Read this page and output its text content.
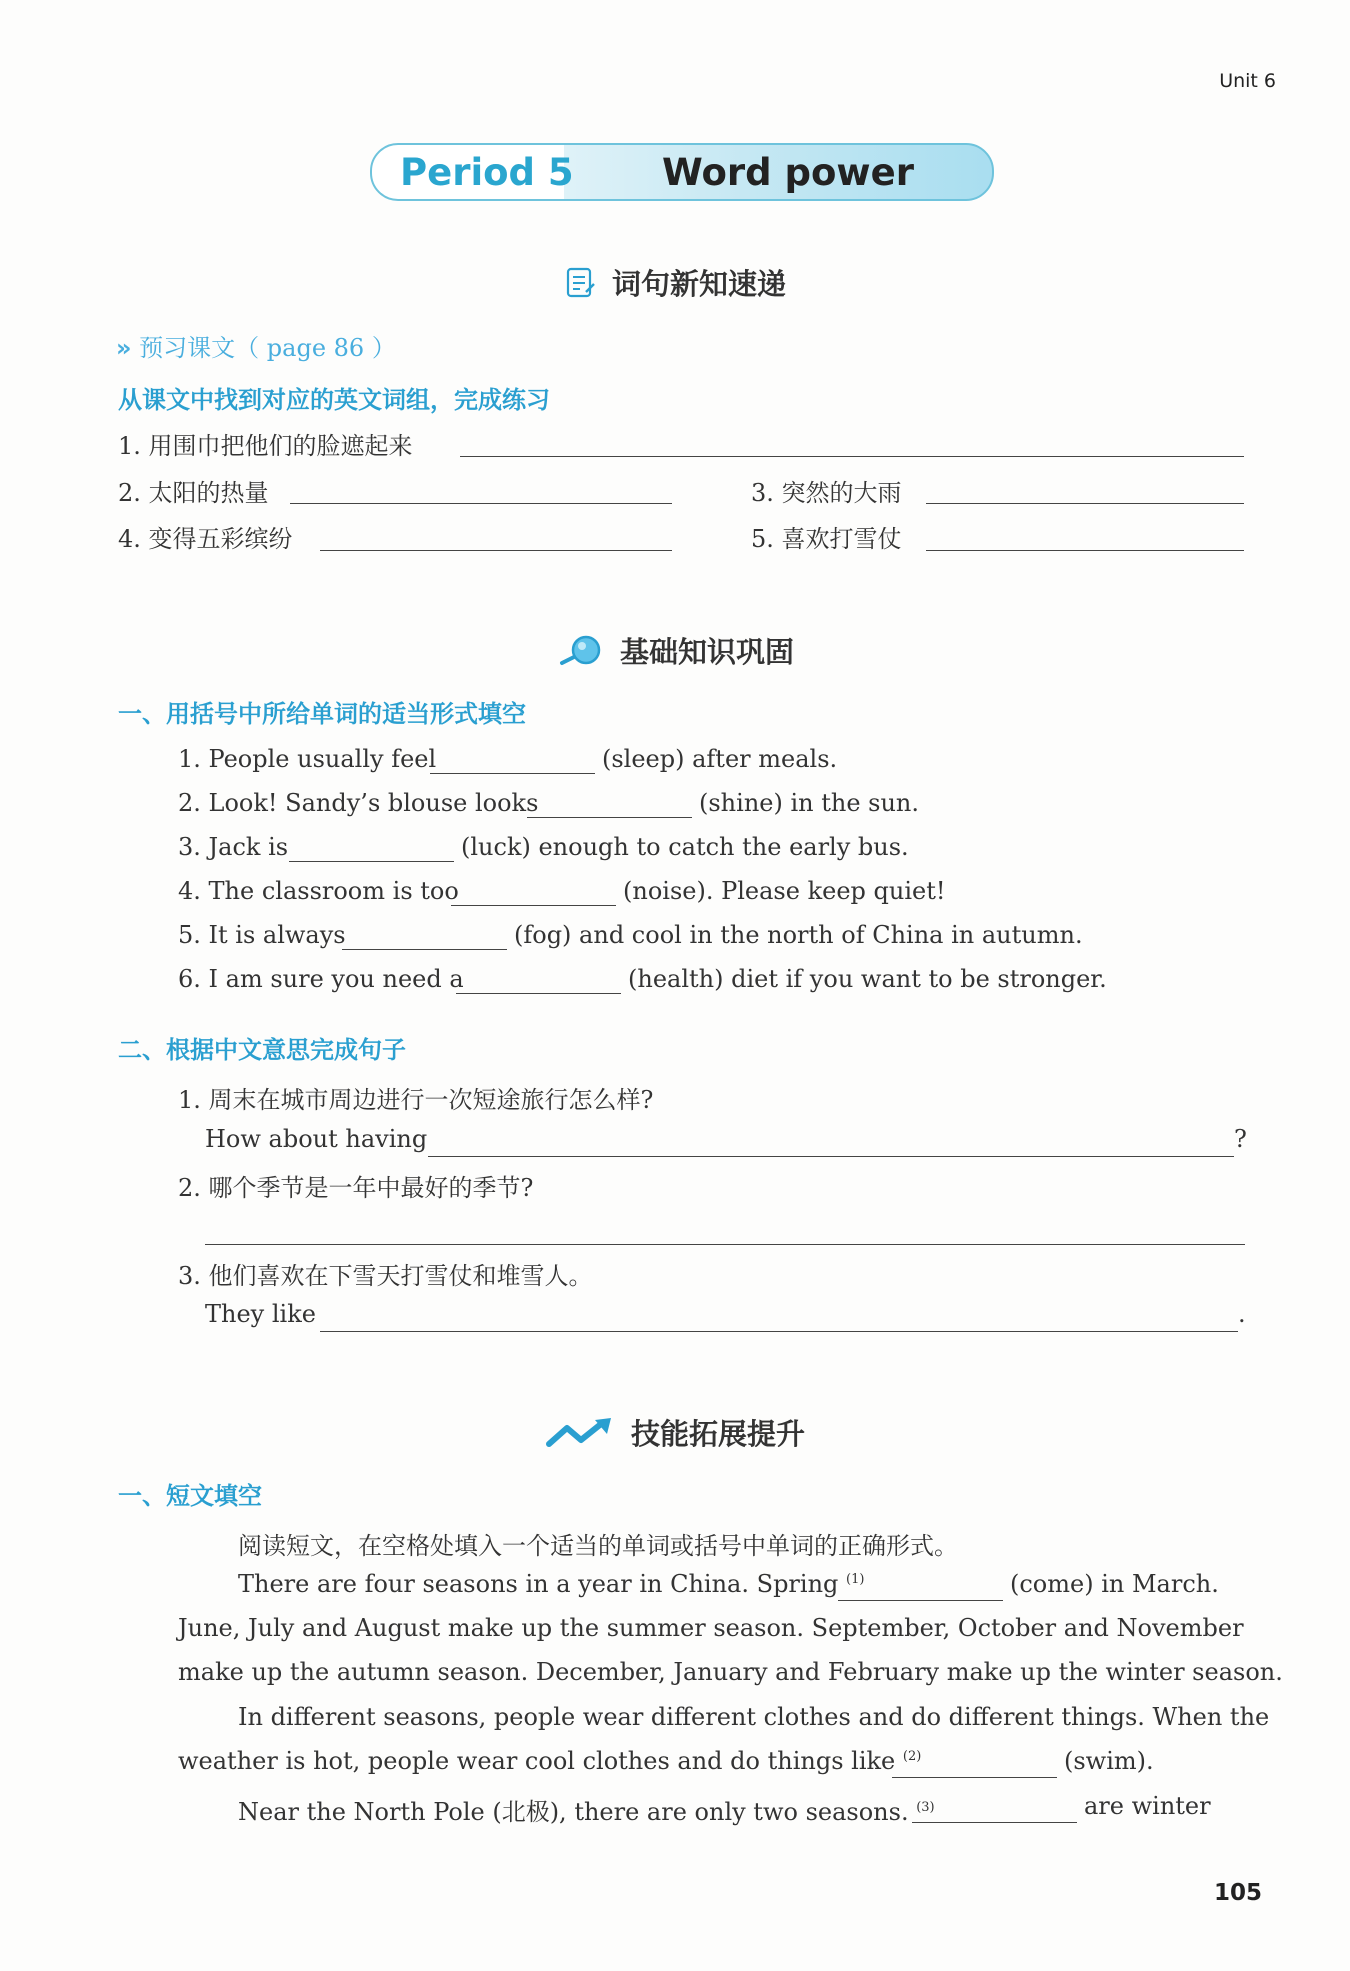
Unit 6
Period 5 Word power
词句新知速递
» 预习课文（ page 86 ）
从课文中找到对应的英文词组，完成练习
1. 用围巾把他们的脸遮起来
2. 太阳的热量	3. 突然的大雨
4. 变得五彩缤纷	5. 喜欢打雪仗
基础知识巩固
一、用括号中所给单词的适当形式填空
1. People usually feel	(sleep) after meals.
2. Look! Sandy’s blouse looks	(shine) in the sun.
3. Jack is	(luck) enough to catch the early bus.
4. The classroom is too	(noise). Please keep quiet!
5. It is always	(fog) and cool in the north of China in autumn.
6. I am sure you need a	(health) diet if you want to be stronger.
二、根据中文意思完成句子
1. 周末在城市周边进行一次短途旅行怎么样?
How about having	?
2. 哪个季节是一年中最好的季节?
3. 他们喜欢在下雪天打雪仗和堆雪人。
They like	.
技能拓展提升
一、短文填空
阅读短文，在空格处填入一个适当的单词或括号中单词的正确形式。
There are four seasons in a year in China. Spring $^{(1)}$	(come) in March.
June, July and August make up the summer season. September, October and November
make up the autumn season. December, January and February make up the winter season.
In different seasons, people wear different clothes and do different things. When the
weather is hot, people wear cool clothes and do things like $^{(2)}$	(swim).
Near the North Pole (北极), there are only two seasons. $^{(3)}$	are winter
105
